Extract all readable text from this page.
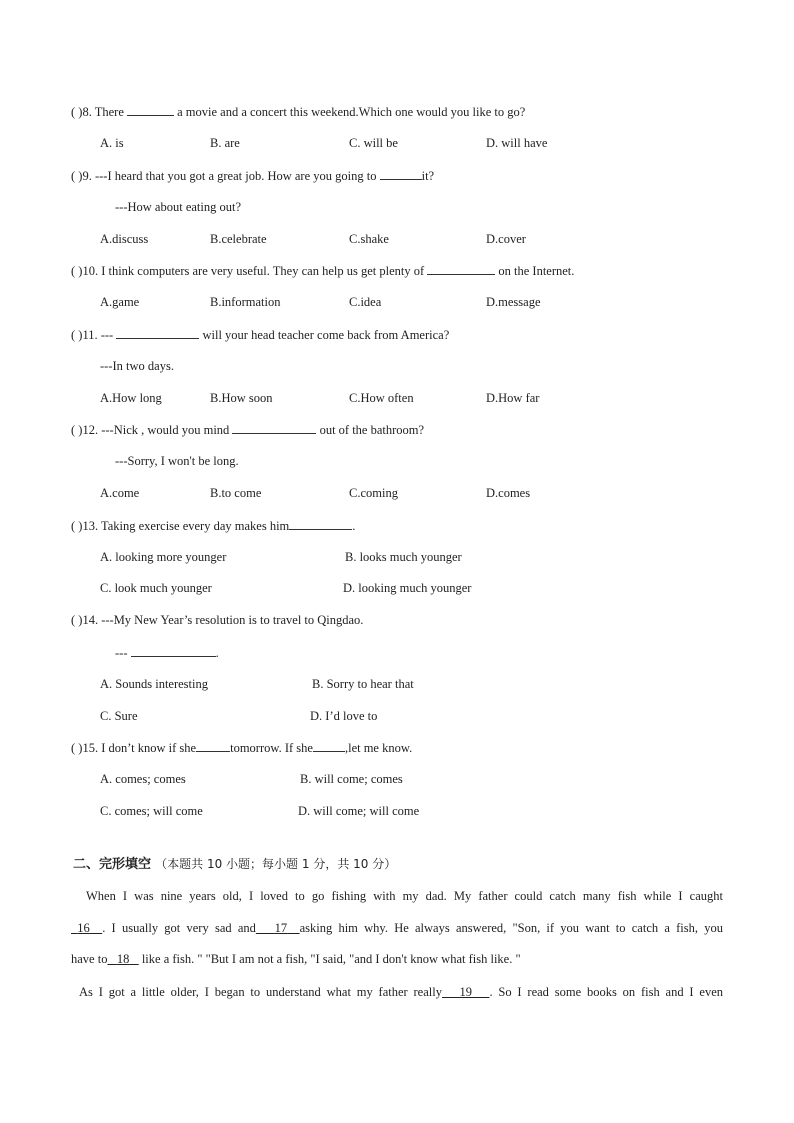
( )8. There	a movie and a concert this weekend.Which one would you like to go?
A. is	B. are	C. will be	D. will have
( )9. ---I heard that you got a great job. How are you going to	it?
---How about eating out?
A.discuss	B.celebrate	C.shake	D.cover
( )10. I think computers are very useful. They can help us get plenty of	on the Internet.
A.game	B.information	C.idea	D.message
( )11. ---	will your head teacher come back from America?
---In two days.
A.How long	B.How soon	C.How often	D.How far
( )12. ---Nick , would you mind	out of the bathroom?
---Sorry, I won't be long.
A.come	B.to come	C.coming	D.comes
( )13. Taking exercise every day makes him	.
A. looking more younger	B. looks much younger
C. look much younger	D. looking much younger
( )14. ---My New Year’s resolution is to travel to Qingdao.
---	.
A. Sounds interesting	B. Sorry to hear that
C. Sure	D. I’d love to
( )15. I don’t know if she	tomorrow. If she	,let me know.
A. comes; comes	B. will come; comes
C. comes; will come	D. will come; will come
二、完形填空 （本题共 10 小题；每小题 1 分，共 10 分）
When I was nine years old, I loved to go fishing with my dad. My father could catch many fish while I caught
16 . I usually got very sad and 17 asking him why. He always answered, "Son, if you want to catch a fish, you
have to 18    like a fish. " "But I am not a fish, "I said, "and I don't know what fish like. "
As I got a little older, I began to understand what my father really 19 . So I read some books on fish and I even
